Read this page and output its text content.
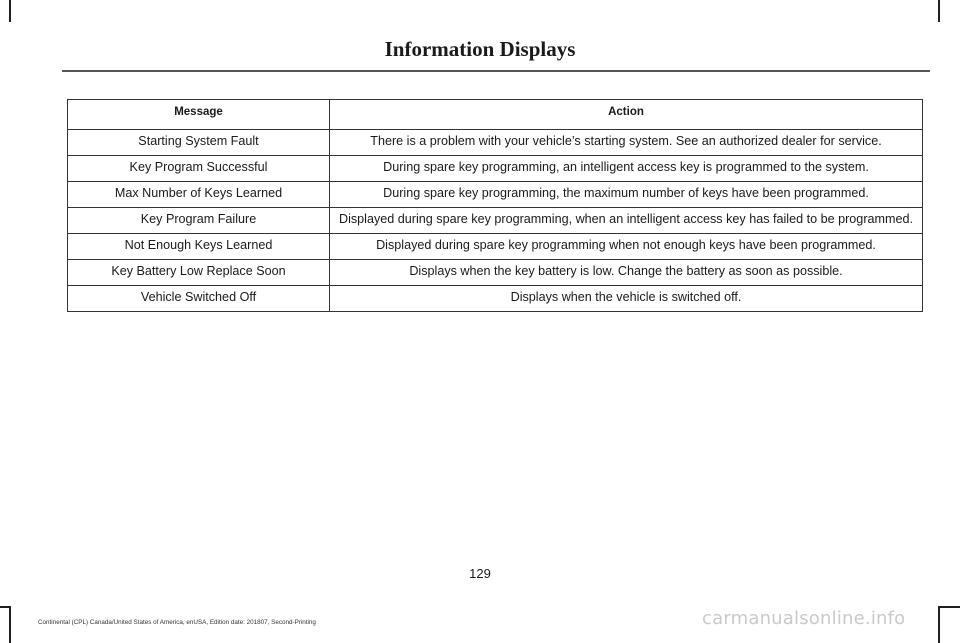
Information Displays
Message	Action
Starting System Fault	There is a problem with your vehicle’s starting system. See an authorized dealer for service.
Key Program Successful	During spare key programming, an intelligent access key is programmed to the system.
Max Number of Keys Learned	During spare key programming, the maximum number of keys have been programmed.
Key Program Failure	Displayed during spare key programming, when an intelligent access key has failed to be programmed.
Not Enough Keys Learned	Displayed during spare key programming when not enough keys have been programmed.
Key Battery Low Replace Soon	Displays when the key battery is low. Change the battery as soon as possible.
Vehicle Switched Off	Displays when the vehicle is switched off.
129
Continental (CPL) Canada/United States of America, enUSA, Edition date: 201807, Second-Printing	carmanualsonline.info
